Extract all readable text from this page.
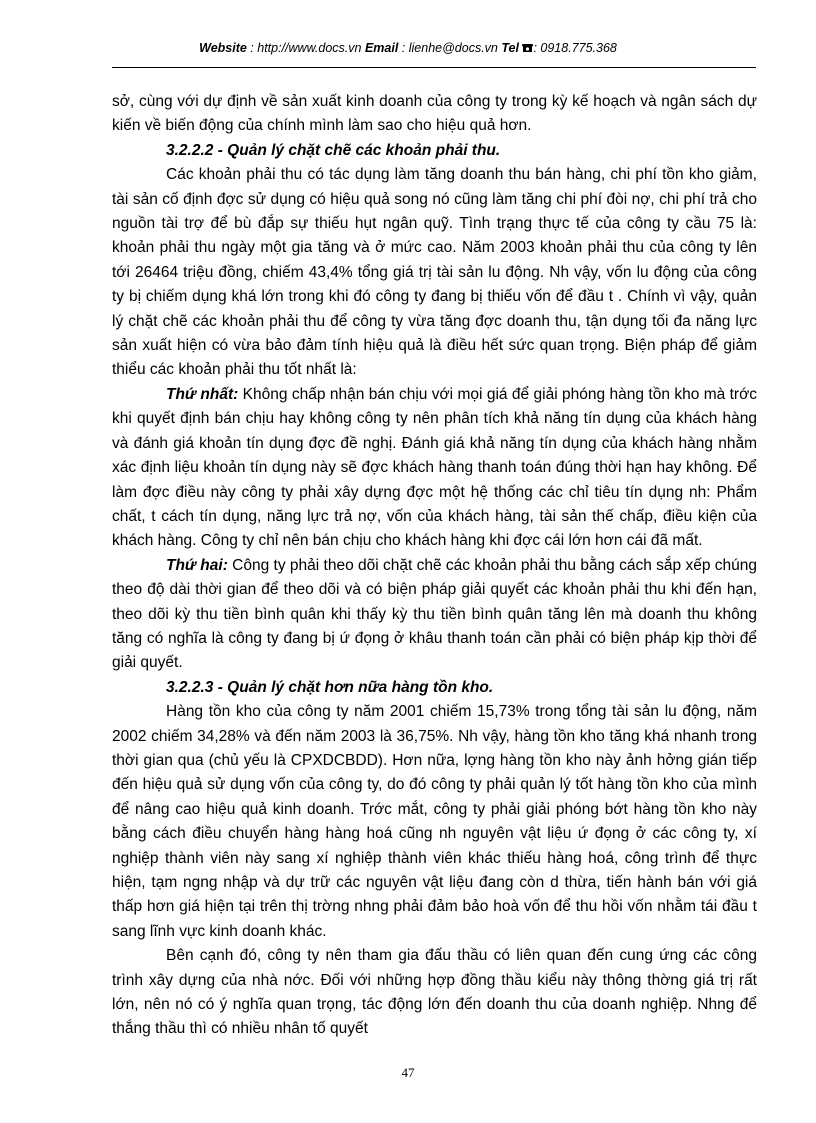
Website : http://www.docs.vn Email : lienhe@docs.vn Tel : 0918.775.368

sở, cùng với dự định về sản xuất kinh doanh của công ty trong kỳ kế hoạch và ngân sách dự kiến về biến động của chính mình làm sao cho hiệu quả hơn.

3.2.2.2 - Quản lý chặt chẽ các khoản phải thu.

Các khoản phải thu có tác dụng làm tăng doanh thu bán hàng, chi phí tồn kho giảm, tài sản cố định đợc sử dụng có hiệu quả song nó cũng làm tăng chi phí đòi nợ, chi phí trả cho nguồn tài trợ để bù đắp sự thiếu hụt ngân quỹ. Tình trạng thực tế của công ty cầu 75 là: khoản phải thu ngày một gia tăng và ở mức cao. Năm 2003 khoản phải thu của công ty lên tới 26464 triệu đồng, chiếm 43,4% tổng giá trị tài sản lu động. Nh vậy, vốn lu động của công ty bị chiếm dụng khá lớn trong khi đó công ty đang bị thiếu vốn để đầu t . Chính vì vậy, quản lý chặt chẽ các khoản phải thu để công ty vừa tăng đợc doanh thu, tận dụng tối đa năng lực sản xuất hiện có vừa bảo đảm tính hiệu quả là điều hết sức quan trọng. Biện pháp để giảm thiểu các khoản phải thu tốt nhất là:

Thứ nhất: Không chấp nhận bán chịu với mọi giá để giải phóng hàng tồn kho mà trớc khi quyết định bán chịu hay không công ty nên phân tích khả năng tín dụng của khách hàng và đánh giá khoản tín dụng đợc đề nghị. Đánh giá khả năng tín dụng của khách hàng nhằm xác định liệu khoản tín dụng này sẽ đợc khách hàng thanh toán đúng thời hạn hay không. Để làm đợc điều này công ty phải xây dựng đợc một hệ thống các chỉ tiêu tín dụng nh: Phẩm chất, t cách tín dụng, năng lực trả nợ, vốn của khách hàng, tài sản thế chấp, điều kiện của khách hàng. Công ty chỉ nên bán chịu cho khách hàng khi đợc cái lớn hơn cái đã mất.

Thứ hai: Công ty phải theo dõi chặt chẽ các khoản phải thu bằng cách sắp xếp chúng theo độ dài thời gian để theo dõi và có biện pháp giải quyết các khoản phải thu khi đến hạn, theo dõi kỳ thu tiền bình quân khi thấy kỳ thu tiền bình quân tăng lên mà doanh thu không tăng có nghĩa là công ty đang bị ứ đọng ở khâu thanh toán cần phải có biện pháp kịp thời để giải quyết.

3.2.2.3 - Quản lý chặt hơn nữa hàng tồn kho.

Hàng tồn kho của công ty năm 2001 chiếm 15,73% trong tổng tài sản lu động, năm 2002 chiếm 34,28% và đến năm 2003 là 36,75%. Nh vậy, hàng tồn kho tăng khá nhanh trong thời gian qua (chủ yếu là CPXDCBDD). Hơn nữa, lợng hàng tồn kho này ảnh hởng gián tiếp đến hiệu quả sử dụng vốn của công ty, do đó công ty phải quản lý tốt hàng tồn kho của mình để nâng cao hiệu quả kinh doanh. Trớc mắt, công ty phải giải phóng bớt hàng tồn kho này bằng cách điều chuyển hàng hàng hoá cũng nh nguyên vật liệu ứ đọng ở các công ty, xí nghiệp thành viên này sang xí nghiệp thành viên khác thiếu hàng hoá, công trình để thực hiện, tạm ngng nhập và dự trữ các nguyên vật liệu đang còn d thừa, tiến hành bán với giá thấp hơn giá hiện tại trên thị trờng nhng phải đảm bảo hoà vốn để thu hồi vốn nhằm tái đầu t sang lĩnh vực kinh doanh khác.

Bên cạnh đó, công ty nên tham gia đấu thầu có liên quan đến cung ứng các công trình xây dựng của nhà nớc. Đối với những hợp đồng thầu kiểu này thông thờng giá trị rất lớn, nên nó có ý nghĩa quan trọng, tác động lớn đến doanh thu của doanh nghiệp. Nhng để thắng thầu thì có nhiều nhân tố quyết

47
